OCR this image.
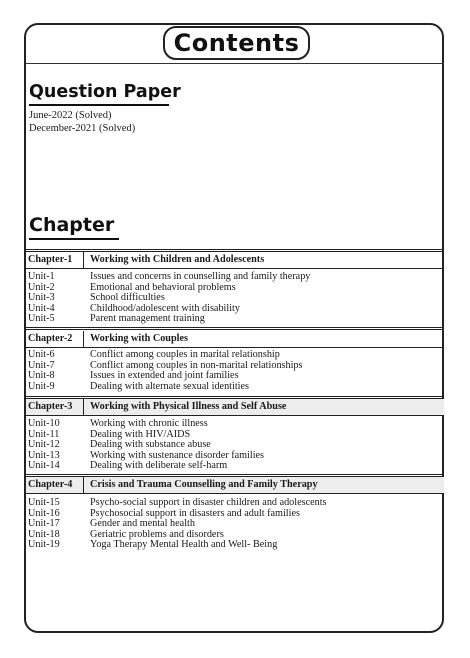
Contents
Question Paper
June-2022 (Solved)
December-2021 (Solved)
Chapter
Chapter-1 Working with Children and Adolescents
Unit-1	Issues and concerns in counselling and family therapy
Unit-2	Emotional and behavioral problems
Unit-3	School difficulties
Unit-4	Childhood/adolescent with disability
Unit-5	Parent management training
Chapter-2 Working with Couples
Unit-6	Conflict among couples in marital relationship
Unit-7	Conflict among couples in non-marital relationships
Unit-8	Issues in extended and joint families
Unit-9	Dealing with alternate sexual identities
Chapter-3 Working with Physical Illness and Self Abuse
Unit-10	Working with chronic illness
Unit-11	Dealing with HIV/AIDS
Unit-12	Dealing with substance abuse
Unit-13	Working with sustenance disorder families
Unit-14	Dealing with deliberate self-harm
Chapter-4 Crisis and Trauma Counselling and Family Therapy
Unit-15	Psycho-social support in disaster children and adolescents
Unit-16	Psychosocial support in disasters and adult families
Unit-17	Gender and mental health
Unit-18	Geriatric problems and disorders
Unit-19	Yoga Therapy Mental Health and Well- Being
